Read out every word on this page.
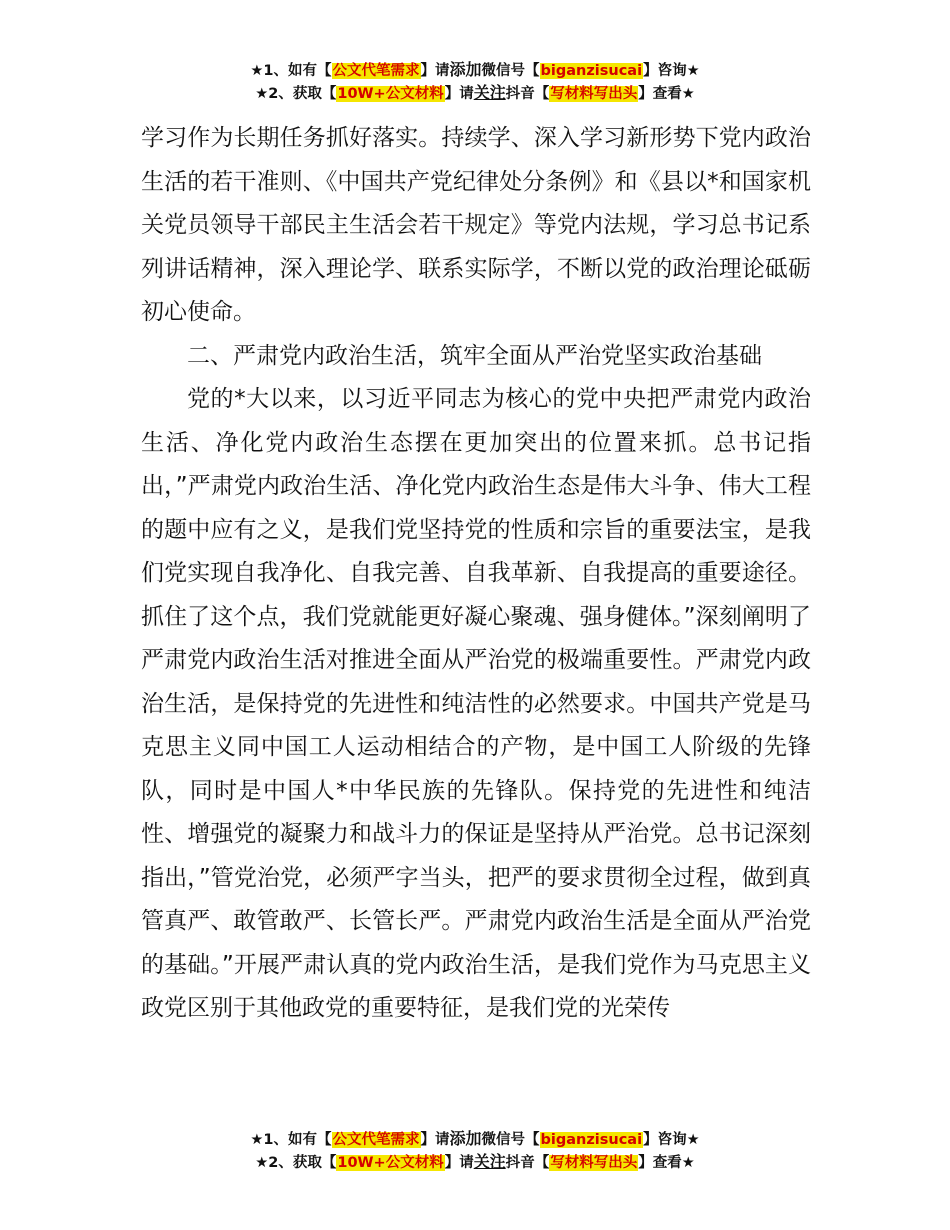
★1、如有【公文代笔需求】请添加微信号【biganzisucai】咨询★
★2、获取【10W+公文材料】请关注抖音【写材料写出头】查看★

学习作为长期任务抓好落实。持续学、深入学习新形势下党内政治生活的若干准则、《中国共产党纪律处分条例》和《县以*和国家机关党员领导干部民主生活会若干规定》等党内法规，学习总书记系列讲话精神，深入理论学、联系实际学，不断以党的政治理论砥砺初心使命。

二、严肃党内政治生活，筑牢全面从严治党坚实政治基础

党的*大以来，以习近平同志为核心的党中央把严肃党内政治生活、净化党内政治生态摆在更加突出的位置来抓。总书记指出，”严肃党内政治生活、净化党内政治生态是伟大斗争、伟大工程的题中应有之义，是我们党坚持党的性质和宗旨的重要法宝，是我们党实现自我净化、自我完善、自我革新、自我提高的重要途径。抓住了这个点，我们党就能更好凝心聚魂、强身健体。”深刻阐明了严肃党内政治生活对推进全面从严治党的极端重要性。严肃党内政治生活，是保持党的先进性和纯洁性的必然要求。中国共产党是马克思主义同中国工人运动相结合的产物，是中国工人阶级的先锋队，同时是中国人*中华民族的先锋队。保持党的先进性和纯洁性、增强党的凝聚力和战斗力的保证是坚持从严治党。总书记深刻指出，”管党治党，必须严字当头，把严的要求贯彻全过程，做到真管真严、敢管敢严、长管长严。严肃党内政治生活是全面从严治党的基础。”开展严肃认真的党内政治生活，是我们党作为马克思主义政党区别于其他政党的重要特征，是我们党的光荣传

★1、如有【公文代笔需求】请添加微信号【biganzisucai】咨询★
★2、获取【10W+公文材料】请关注抖音【写材料写出头】查看★
